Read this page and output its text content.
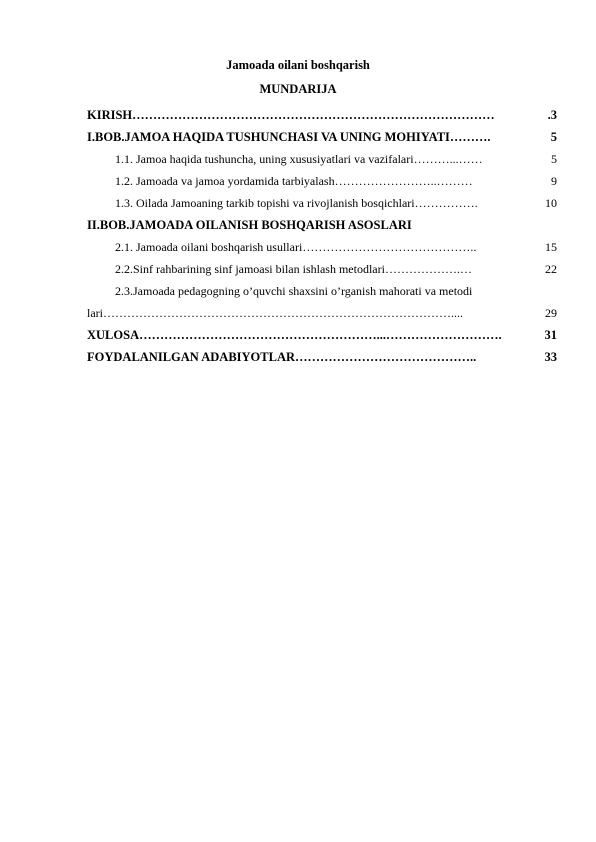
Jamoada oilani boshqarish
MUNDARIJA
KIRISH ……………………………………………………………………………	.3
I.BOB.JAMOA HAQIDA TUSHUNCHASI VA UNING MOHIYATI ……….	5
1.1. Jamoa haqida tushuncha, uning xususiyatlari va vazifalari ………...……	5
1.2. Jamoada va jamoa yordamida tarbiyalash ……………………..………	9
1.3. Oilada Jamoaning tarkib topishi va rivojlanish bosqichlari …………….	10
II.BOB.JAMOADA OILANISH BOSHQARISH ASOSLARI
2.1. Jamoada oilani boshqarish usullari ……………………………………..	15
2.2.Sinf rahbarining sinf jamoasi bilan ishlash metodlari ……………….…	22
2.3.Jamoada pedagogning o’quvchi shaxsini o’rganish mahorati va metodi
lari ……………………………………………………………………………....	29
XULOSA …………………………………………………...……………………….	31
FOYDALANILGAN ADABIYOTLAR ……………………………………..	33
